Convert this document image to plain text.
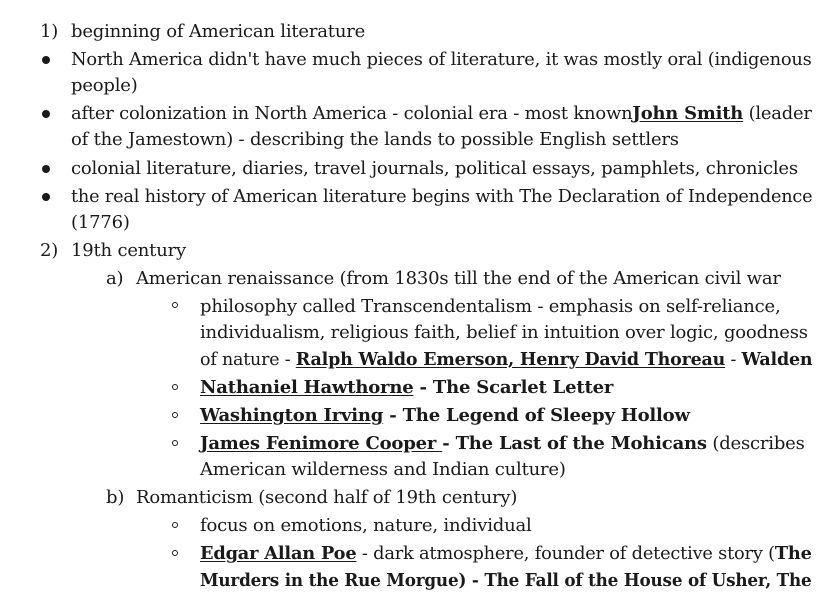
1) beginning of American literature
North America didn't have much pieces of literature, it was mostly oral (indigenous
people)
after colonization in North America - colonial era - most knownJohn Smith (leader
of the Jamestown) - describing the lands to possible English settlers
colonial literature, diaries, travel journals, political essays, pamphlets, chronicles
the real history of American literature begins with The Declaration of Independence
(1776)
2) 19th century
a) American renaissance (from 1830s till the end of the American civil war
philosophy called Transcendentalism - emphasis on self-reliance,
individualism, religious faith, belief in intuition over logic, goodness
of nature - Ralph Waldo Emerson, Henry David Thoreau - Walden
Nathaniel Hawthorne - The Scarlet Letter
Washington Irving - The Legend of Sleepy Hollow
James Fenimore Cooper - The Last of the Mohicans (describes
American wilderness and Indian culture)
b) Romanticism (second half of 19th century)
focus on emotions, nature, individual
Edgar Allan Poe - dark atmosphere, founder of detective story (The
Murders in the Rue Morgue) - The Fall of the House of Usher, The
